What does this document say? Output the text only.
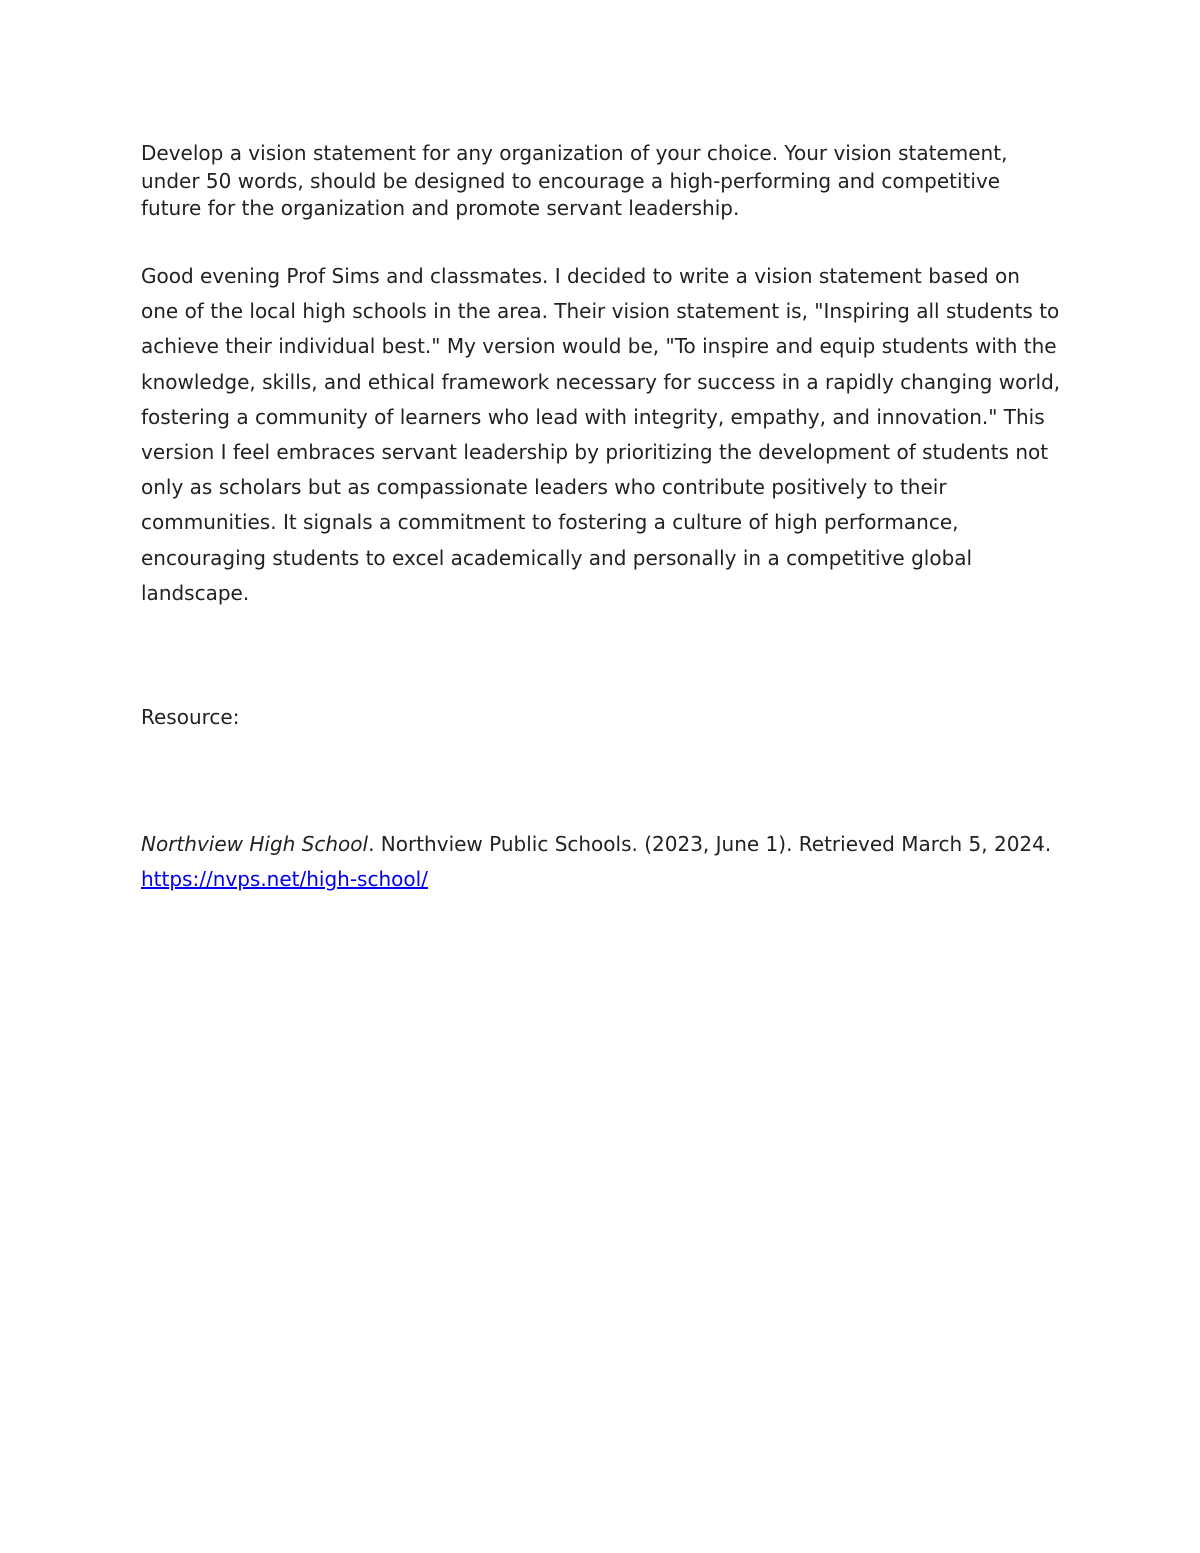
Develop a vision statement for any organization of your choice. Your vision statement, under 50 words, should be designed to encourage a high-performing and competitive future for the organization and promote servant leadership.

Good evening Prof Sims and classmates. I decided to write a vision statement based on one of the local high schools in the area. Their vision statement is, "Inspiring all students to achieve their individual best." My version would be, "To inspire and equip students with the knowledge, skills, and ethical framework necessary for success in a rapidly changing world, fostering a community of learners who lead with integrity, empathy, and innovation." This version I feel embraces servant leadership by prioritizing the development of students not only as scholars but as compassionate leaders who contribute positively to their communities. It signals a commitment to fostering a culture of high performance, encouraging students to excel academically and personally in a competitive global landscape.

Resource:

Northview High School. Northview Public Schools. (2023, June 1). Retrieved March 5, 2024.  https://nvps.net/high-school/
